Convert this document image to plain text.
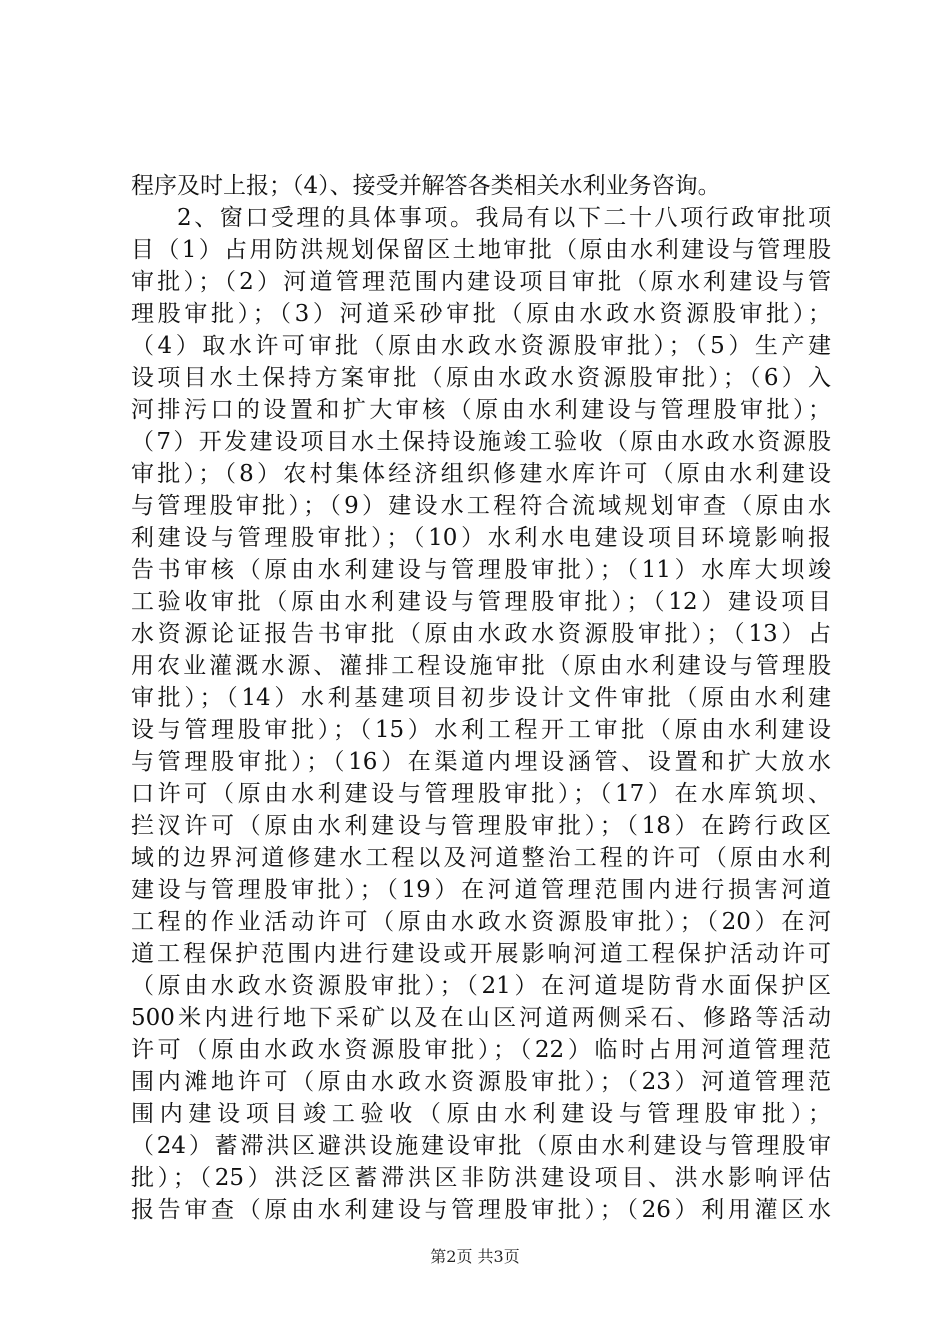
程序及时上报；（4）、接受并解答各类相关水利业务咨询。
2、窗口受理的具体事项。我局有以下二十八项行政审批项
目（1）占用防洪规划保留区土地审批（原由水利建设与管理股
审批）；（2）河道管理范围内建设项目审批（原水利建设与管
理股审批）；（3）河道采砂审批（原由水政水资源股审批）；
（4）取水许可审批（原由水政水资源股审批）；（5）生产建
设项目水土保持方案审批（原由水政水资源股审批）；（6）入
河排污口的设置和扩大审核（原由水利建设与管理股审批）；
（7）开发建设项目水土保持设施竣工验收（原由水政水资源股
审批）；（8）农村集体经济组织修建水库许可（原由水利建设
与管理股审批）；（9）建设水工程符合流域规划审查（原由水
利建设与管理股审批）；（10）水利水电建设项目环境影响报
告书审核（原由水利建设与管理股审批）；（11）水库大坝竣
工验收审批（原由水利建设与管理股审批）；（12）建设项目
水资源论证报告书审批（原由水政水资源股审批）；（13）占
用农业灌溉水源、灌排工程设施审批（原由水利建设与管理股
审批）；（14）水利基建项目初步设计文件审批（原由水利建
设与管理股审批）；（15）水利工程开工审批（原由水利建设
与管理股审批）；（16）在渠道内埋设涵管、设置和扩大放水
口许可（原由水利建设与管理股审批）；（17）在水库筑坝、
拦汊许可（原由水利建设与管理股审批）；（18）在跨行政区
域的边界河道修建水工程以及河道整治工程的许可（原由水利
建设与管理股审批）；（19）在河道管理范围内进行损害河道
工程的作业活动许可（原由水政水资源股审批）；（20）在河
道工程保护范围内进行建设或开展影响河道工程保护活动许可
（原由水政水资源股审批）；（21）在河道堤防背水面保护区
500米内进行地下采矿以及在山区河道两侧采石、修路等活动
许可（原由水政水资源股审批）；（22）临时占用河道管理范
围内滩地许可（原由水政水资源股审批）；（23）河道管理范
围内建设项目竣工验收（原由水利建设与管理股审批）；
（24）蓄滞洪区避洪设施建设审批（原由水利建设与管理股审
批）；（25）洪泛区蓄滞洪区非防洪建设项目、洪水影响评估
报告审查（原由水利建设与管理股审批）；（26）利用灌区水
第2页 共3页
